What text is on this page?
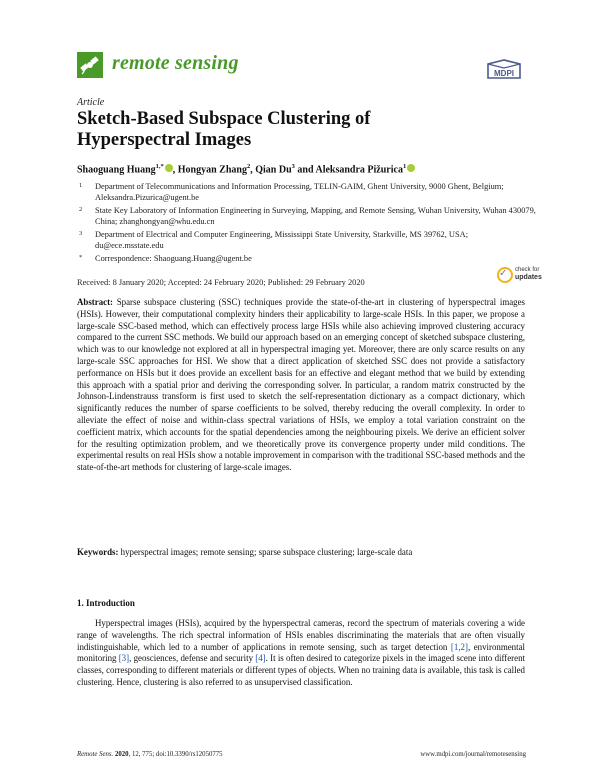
remote sensing	MDPI
Article
Sketch-Based Subspace Clustering of
Hyperspectral Images
Shaoguang Huang$^{1,*}$ , Hongyan Zhang$^2$, Qian Du$^3$ and Aleksandra Pižurica$^1$
1 Department of Telecommunications and Information Processing, TELIN-GAIM, Ghent University, 9000 Ghent, Belgium; Aleksandra.Pizurica@ugent.be
2 State Key Laboratory of Information Engineering in Surveying, Mapping, and Remote Sensing, Wuhan University, Wuhan 430079, China; zhanghongyan@whu.edu.cn
3 Department of Electrical and Computer Engineering, Mississippi State University, Starkville, MS 39762, USA; du@ece.msstate.edu
* Correspondence: Shaoguang.Huang@ugent.be
Received: 8 January 2020; Accepted: 24 February 2020; Published: 29 February 2020
✓ check for
updates
Abstract: Sparse subspace clustering (SSC) techniques provide the state-of-the-art in clustering of hyperspectral images (HSIs). However, their computational complexity hinders their applicability to large-scale HSIs. In this paper, we propose a large-scale SSC-based method, which can effectively process large HSIs while also achieving improved clustering accuracy compared to the current SSC methods. We build our approach based on an emerging concept of sketched subspace clustering, which was to our knowledge not explored at all in hyperspectral imaging yet. Moreover, there are only scarce results on any large-scale SSC approaches for HSI. We show that a direct application of sketched SSC does not provide a satisfactory performance on HSIs but it does provide an excellent basis for an effective and elegant method that we build by extending this approach with a spatial prior and deriving the corresponding solver. In particular, a random matrix constructed by the Johnson-Lindenstrauss transform is first used to sketch the self-representation dictionary as a compact dictionary, which significantly reduces the number of sparse coefficients to be solved, thereby reducing the overall complexity. In order to alleviate the effect of noise and within-class spectral variations of HSIs, we employ a total variation constraint on the coefficient matrix, which accounts for the spatial dependencies among the neighbouring pixels. We derive an efficient solver for the resulting optimization problem, and we theoretically prove its convergence property under mild conditions. The experimental results on real HSIs show a notable improvement in comparison with the traditional SSC-based methods and the state-of-the-art methods for clustering of large-scale images.
Keywords: hyperspectral images; remote sensing; sparse subspace clustering; large-scale data
1. Introduction
Hyperspectral images (HSIs), acquired by the hyperspectral cameras, record the spectrum of materials covering a wide range of wavelengths. The rich spectral information of HSIs enables discriminating the materials that are often visually indistinguishable, which led to a number of applications in remote sensing, such as target detection [1,2], environmental monitoring [3], geosciences, defense and security [4]. It is often desired to categorize pixels in the imaged scene into different classes, corresponding to different materials or different types of objects. When no training data is available, this task is called clustering. Hence, clustering is also referred to as unsupervised classification.
Remote Sens. 2020, 12, 775; doi:10.3390/rs12050775	www.mdpi.com/journal/remotesensing
